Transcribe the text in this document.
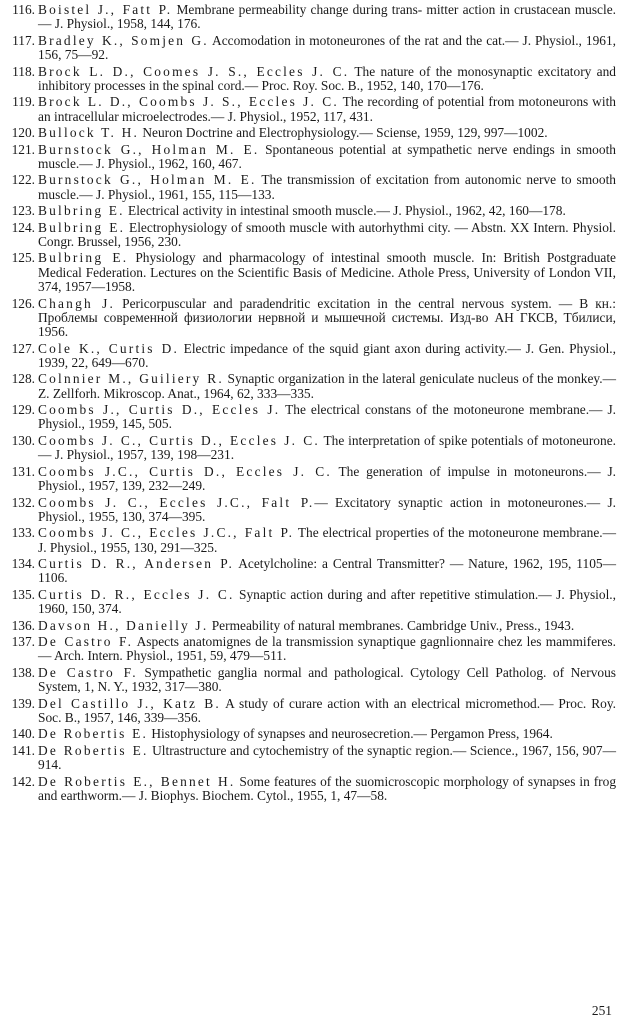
116. Boistel J., Fatt P. Membrane permeability change during trans- mitter action in crustacean muscle.— J. Physiol., 1958, 144, 176.
117. Bradley K., Somjen G. Accomodation in motoneurones of the rat and the cat.— J. Physiol., 1961, 156, 75—92.
118. Brock L. D., Coomes J. S., Eccles J. C. The nature of the monosynaptic excitatory and inhibitory processes in the spinal cord.— Proc. Roy. Soc. B., 1952, 140, 170—176.
119. Brock L. D., Coombs J. S., Eccles J. C. The recording of potential from motoneurons with an intracellular microelectrodes.— J. Physiol., 1952, 117, 431.
120. Bullock T. H. Neuron Doctrine and Electrophysiology.— Sciense, 1959, 129, 997—1002.
121. Burnstock G., Holman M. E. Spontaneous potential at sympathetic nerve endings in smooth muscle.— J. Physiol., 1962, 160, 467.
122. Burnstock G., Holman M. E. The transmission of excitation from autonomic nerve to smooth muscle.— J. Physiol., 1961, 155, 115—133.
123. Bulbring E. Electrical activity in intestinal smooth muscle.— J. Physiol., 1962, 42, 160—178.
124. Bulbring E. Electrophysiology of smooth muscle with autorhythmi city. — Abstn. XX Intern. Physiol. Congr. Brussel, 1956, 230.
125. Bulbring E. Physiology and pharmacology of intestinal smooth muscle. In: British Postgraduate Medical Federation. Lectures on the Scientific Basis of Medicine. Athole Press, University of London VII, 374, 1957—1958.
126. Changh J. Pericorpuscular and paradendritic excitation in the central nervous system. — В кн.: Проблемы современной физиологии нервной и мышечной системы. Изд-во АН ГКСВ, Тбилиси, 1956.
127. Cole K., Curtis D. Electric impedance of the squid giant axon during activity.— J. Gen. Physiol., 1939, 22, 649—670.
128. Colnnier M., Guiliery R. Synaptic organization in the lateral geniculate nucleus of the monkey.— Z. Zellforh. Mikroscop. Anat., 1964, 62, 333—335.
129. Coombs J., Curtis D., Eccles J. The electrical constans of the motoneurone membrane.— J. Physiol., 1959, 145, 505.
130. Coombs J. C., Curtis D., Eccles J. C. The interpretation of spike potentials of motoneurone.— J. Physiol., 1957, 139, 198—231.
131. Coombs J.C., Curtis D., Eccles J. C. The generation of impulse in motoneurons.— J. Physiol., 1957, 139, 232—249.
132. Coombs J. C., Eccles J.C., Falt P.— Excitatory synaptic action in motoneurones.— J. Physiol., 1955, 130, 374—395.
133. Coombs J. C., Eccles J.C., Falt P. The electrical properties of the motoneurone membrane.— J. Physiol., 1955, 130, 291—325.
134. Curtis D. R., Andersen P. Acetylcholine: a Central Transmitter? — Nature, 1962, 195, 1105—1106.
135. Curtis D. R., Eccles J. C. Synaptic action during and after repetitive stimulation.— J. Physiol., 1960, 150, 374.
136. Davson H., Danielly J. Permeability of natural membranes. Cambridge Univ., Press., 1943.
137. De Castro F. Aspects anatomignes de la transmission synaptique gagnlionnaire chez les mammiferes.— Arch. Intern. Physiol., 1951, 59, 479—511.
138. De Castro F. Sympathetic ganglia normal and pathological. Cytology Cell Patholog. of Nervous System, 1, N. Y., 1932, 317—380.
139. Del Castillo J., Katz B. A study of curare action with an electrical micromethod.— Proc. Roy. Soc. B., 1957, 146, 339—356.
140. De Robertis E. Histophysiology of synapses and neurosecretion.— Pergamon Press, 1964.
141. De Robertis E. Ultrastructure and cytochemistry of the synaptic region.— Science., 1967, 156, 907—914.
142. De Robertis E., Bennet H. Some features of the suomicroscopic morphology of synapses in frog and earthworm.— J. Biophys. Biochem. Cytol., 1955, 1, 47—58.
251
